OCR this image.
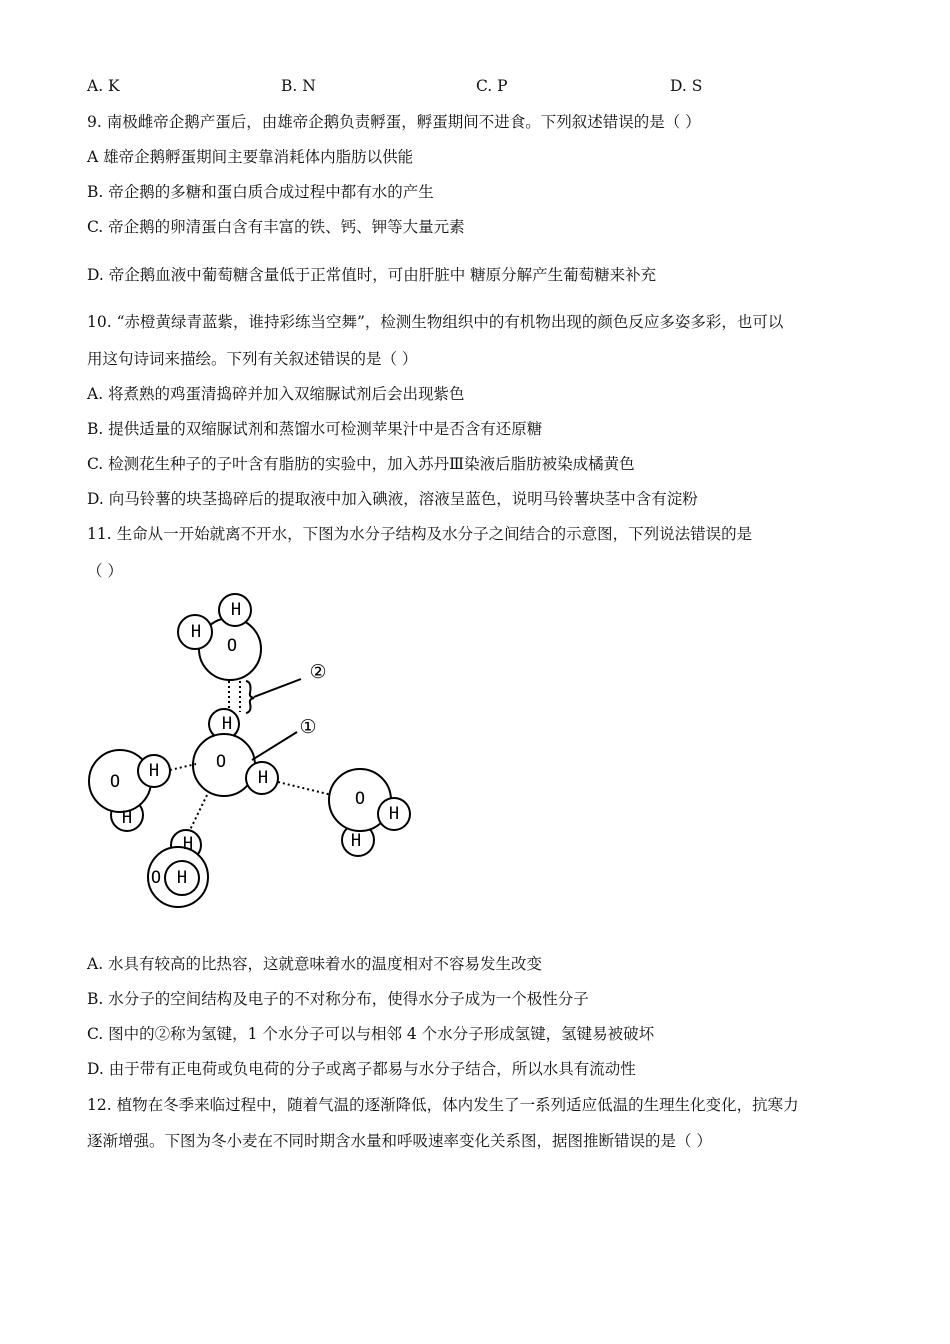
A. K	B. N	C. P	D. S
9. 南极雌帝企鹅产蛋后，由雄帝企鹅负责孵蛋，孵蛋期间不进食。下列叙述错误的是（ ）
A 雄帝企鹅孵蛋期间主要靠消耗体内脂肪以供能
B. 帝企鹅的多糖和蛋白质合成过程中都有水的产生
C. 帝企鹅的卵清蛋白含有丰富的铁、钙、钾等大量元素
D. 帝企鹅血液中葡萄糖含量低于正常值时，可由肝脏中 糖原分解产生葡萄糖来补充
10. “赤橙黄绿青蓝紫，谁持彩练当空舞”，检测生物组织中的有机物出现的颜色反应多姿多彩，也可以
用这句诗词来描绘。下列有关叙述错误的是（ ）
A. 将煮熟的鸡蛋清捣碎并加入双缩脲试剂后会出现紫色
B. 提供适量的双缩脲试剂和蒸馏水可检测苹果汁中是否含有还原糖
C. 检测花生种子的子叶含有脂肪的实验中，加入苏丹Ⅲ染液后脂肪被染成橘黄色
D. 向马铃薯的块茎捣碎后的提取液中加入碘液，溶液呈蓝色，说明马铃薯块茎中含有淀粉
11. 生命从一开始就离不开水，下图为水分子结构及水分子之间结合的示意图，下列说法错误的是
（ ）
O
H
H
H
O
H
O
H
H
O
H
H
H
O H
②
①
A. 水具有较高的比热容，这就意味着水的温度相对不容易发生改变
B. 水分子的空间结构及电子的不对称分布，使得水分子成为一个极性分子
C. 图中的②称为氢键，1 个水分子可以与相邻 4 个水分子形成氢键，氢键易被破坏
D. 由于带有正电荷或负电荷的分子或离子都易与水分子结合，所以水具有流动性
12. 植物在冬季来临过程中，随着气温的逐渐降低，体内发生了一系列适应低温的生理生化变化，抗寒力
逐渐增强。下图为冬小麦在不同时期含水量和呼吸速率变化关系图，据图推断错误的是（ ）
